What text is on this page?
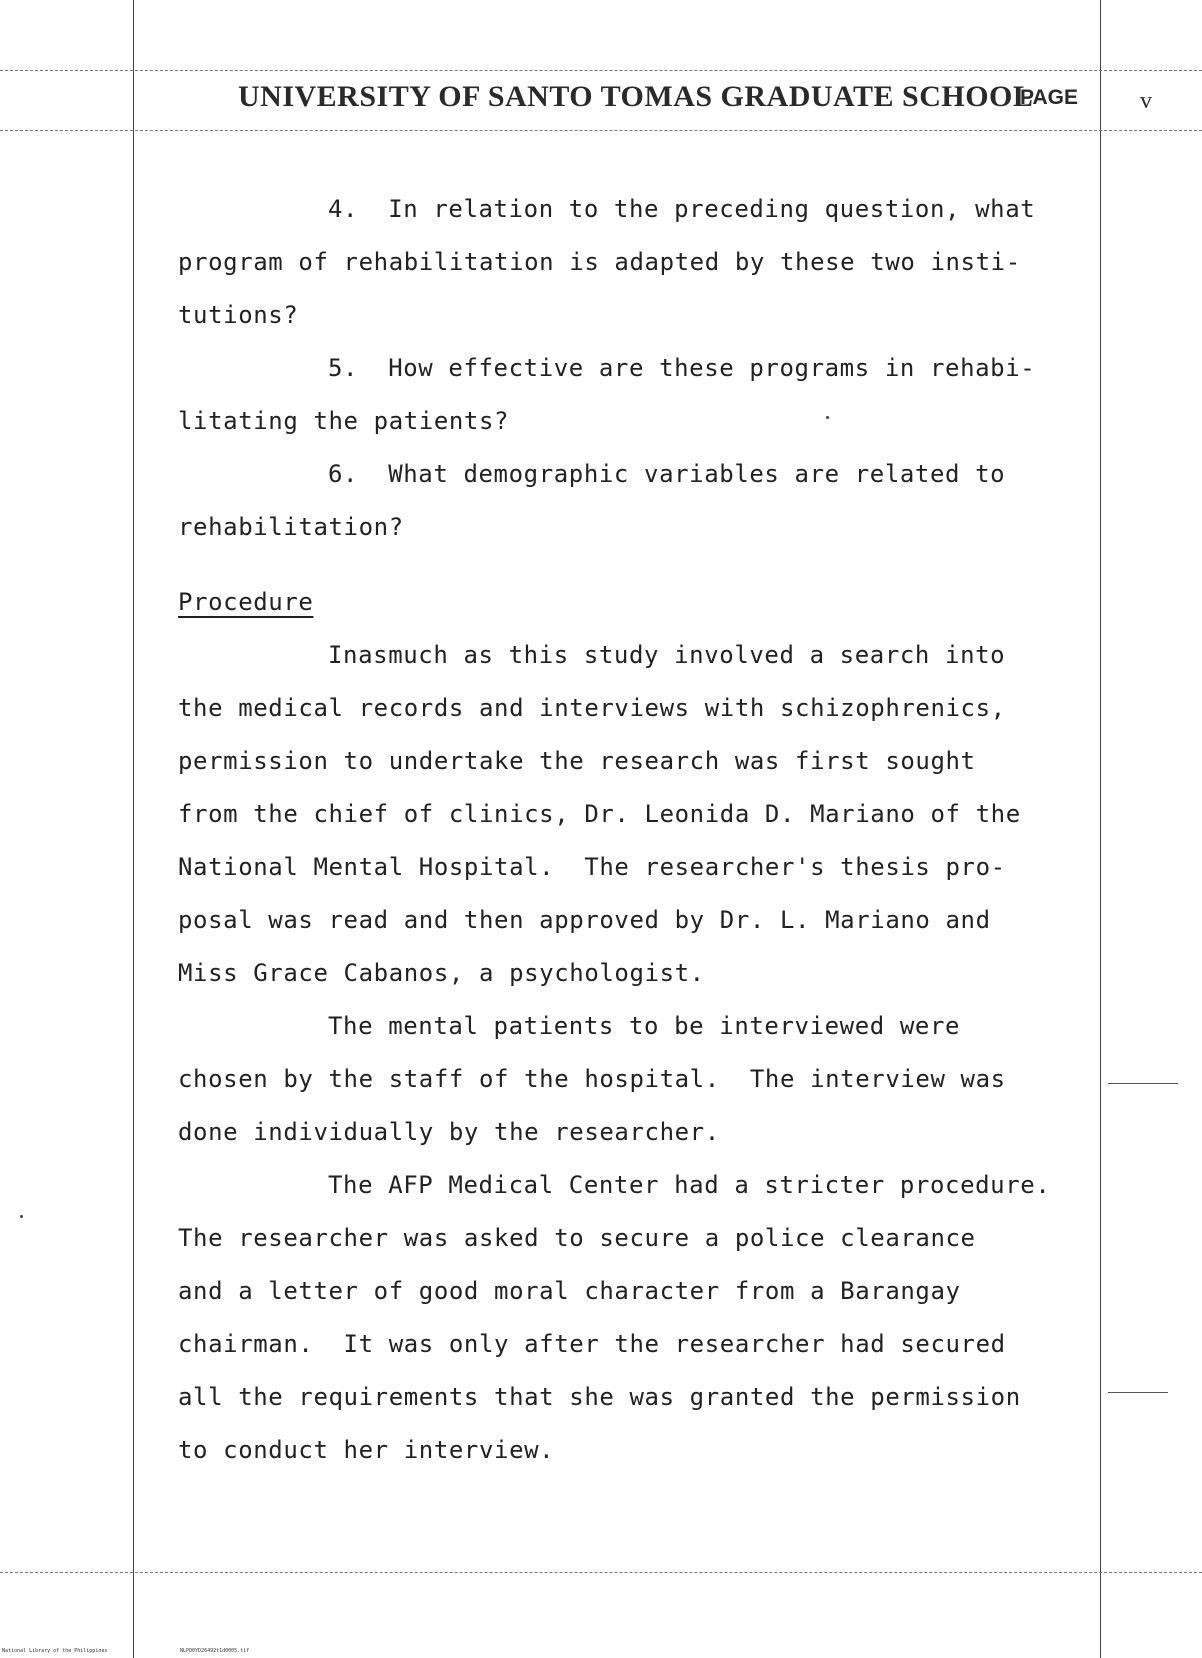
UNIVERSITY OF SANTO TOMAS GRADUATE SCHOOL
PAGE	v
4.  In relation to the preceding question, what
program of rehabilitation is adapted by these two insti-
tutions?
5.  How effective are these programs in rehabi-
litating the patients?
6.  What demographic variables are related to
rehabilitation?
Procedure
Inasmuch as this study involved a search into
the medical records and interviews with schizophrenics,
permission to undertake the research was first sought
from the chief of clinics, Dr. Leonida D. Mariano of the
National Mental Hospital.  The researcher's thesis pro-
posal was read and then approved by Dr. L. Mariano and
Miss Grace Cabanos, a psychologist.
The mental patients to be interviewed were
chosen by the staff of the hospital.  The interview was
done individually by the researcher.
The AFP Medical Center had a stricter procedure.
The researcher was asked to secure a police clearance
and a letter of good moral character from a Barangay
chairman.  It was only after the researcher had secured
all the requirements that she was granted the permission
to conduct her interview.
National Library of the Philippines	NLP00YD26492t1d0005.tif
